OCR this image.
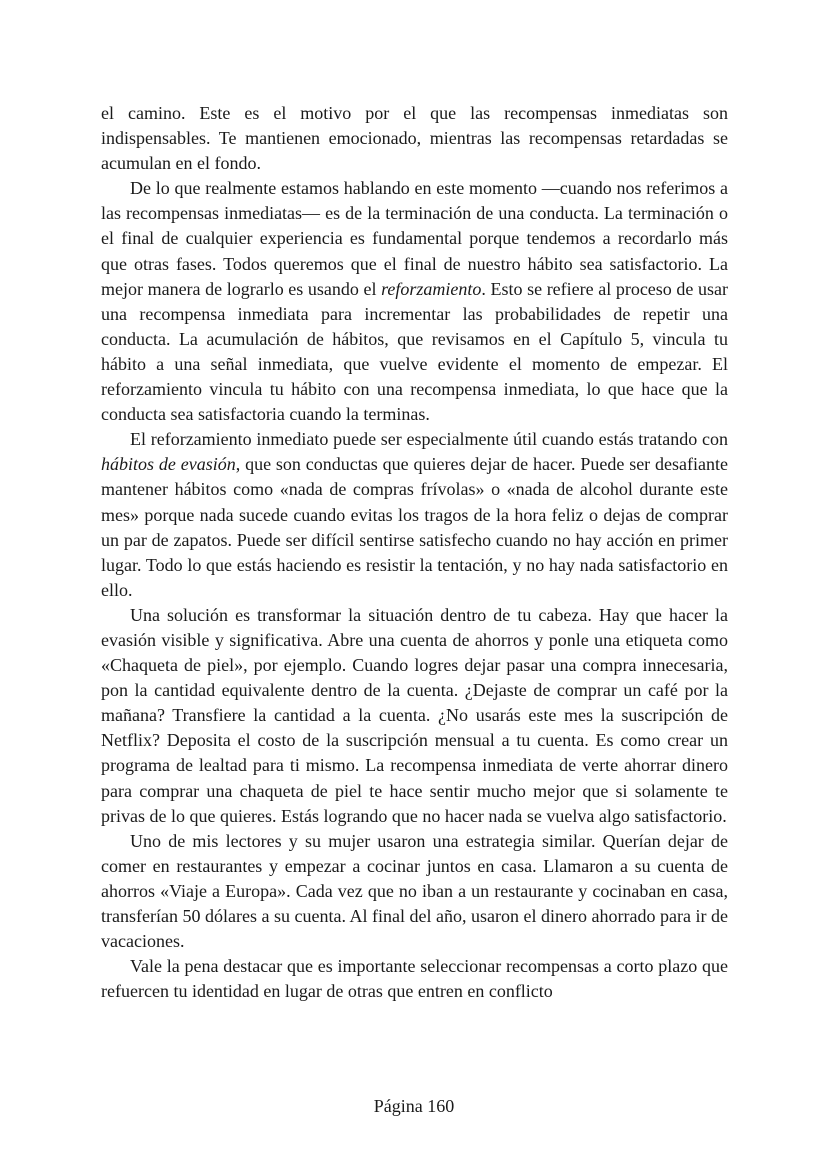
el camino. Este es el motivo por el que las recompensas inmediatas son indispensables. Te mantienen emocionado, mientras las recompensas retardadas se acumulan en el fondo.

De lo que realmente estamos hablando en este momento —cuando nos referimos a las recompensas inmediatas— es de la terminación de una conducta. La terminación o el final de cualquier experiencia es fundamental porque tendemos a recordarlo más que otras fases. Todos queremos que el final de nuestro hábito sea satisfactorio. La mejor manera de lograrlo es usando el reforzamiento. Esto se refiere al proceso de usar una recompensa inmediata para incrementar las probabilidades de repetir una conducta. La acumulación de hábitos, que revisamos en el Capítulo 5, vincula tu hábito a una señal inmediata, que vuelve evidente el momento de empezar. El reforzamiento vincula tu hábito con una recompensa inmediata, lo que hace que la conducta sea satisfactoria cuando la terminas.

El reforzamiento inmediato puede ser especialmente útil cuando estás tratando con hábitos de evasión, que son conductas que quieres dejar de hacer. Puede ser desafiante mantener hábitos como «nada de compras frívolas» o «nada de alcohol durante este mes» porque nada sucede cuando evitas los tragos de la hora feliz o dejas de comprar un par de zapatos. Puede ser difícil sentirse satisfecho cuando no hay acción en primer lugar. Todo lo que estás haciendo es resistir la tentación, y no hay nada satisfactorio en ello.

Una solución es transformar la situación dentro de tu cabeza. Hay que hacer la evasión visible y significativa. Abre una cuenta de ahorros y ponle una etiqueta como «Chaqueta de piel», por ejemplo. Cuando logres dejar pasar una compra innecesaria, pon la cantidad equivalente dentro de la cuenta. ¿Dejaste de comprar un café por la mañana? Transfiere la cantidad a la cuenta. ¿No usarás este mes la suscripción de Netflix? Deposita el costo de la suscripción mensual a tu cuenta. Es como crear un programa de lealtad para ti mismo. La recompensa inmediata de verte ahorrar dinero para comprar una chaqueta de piel te hace sentir mucho mejor que si solamente te privas de lo que quieres. Estás logrando que no hacer nada se vuelva algo satisfactorio.

Uno de mis lectores y su mujer usaron una estrategia similar. Querían dejar de comer en restaurantes y empezar a cocinar juntos en casa. Llamaron a su cuenta de ahorros «Viaje a Europa». Cada vez que no iban a un restaurante y cocinaban en casa, transferían 50 dólares a su cuenta. Al final del año, usaron el dinero ahorrado para ir de vacaciones.

Vale la pena destacar que es importante seleccionar recompensas a corto plazo que refuercen tu identidad en lugar de otras que entren en conflicto

Página 160
